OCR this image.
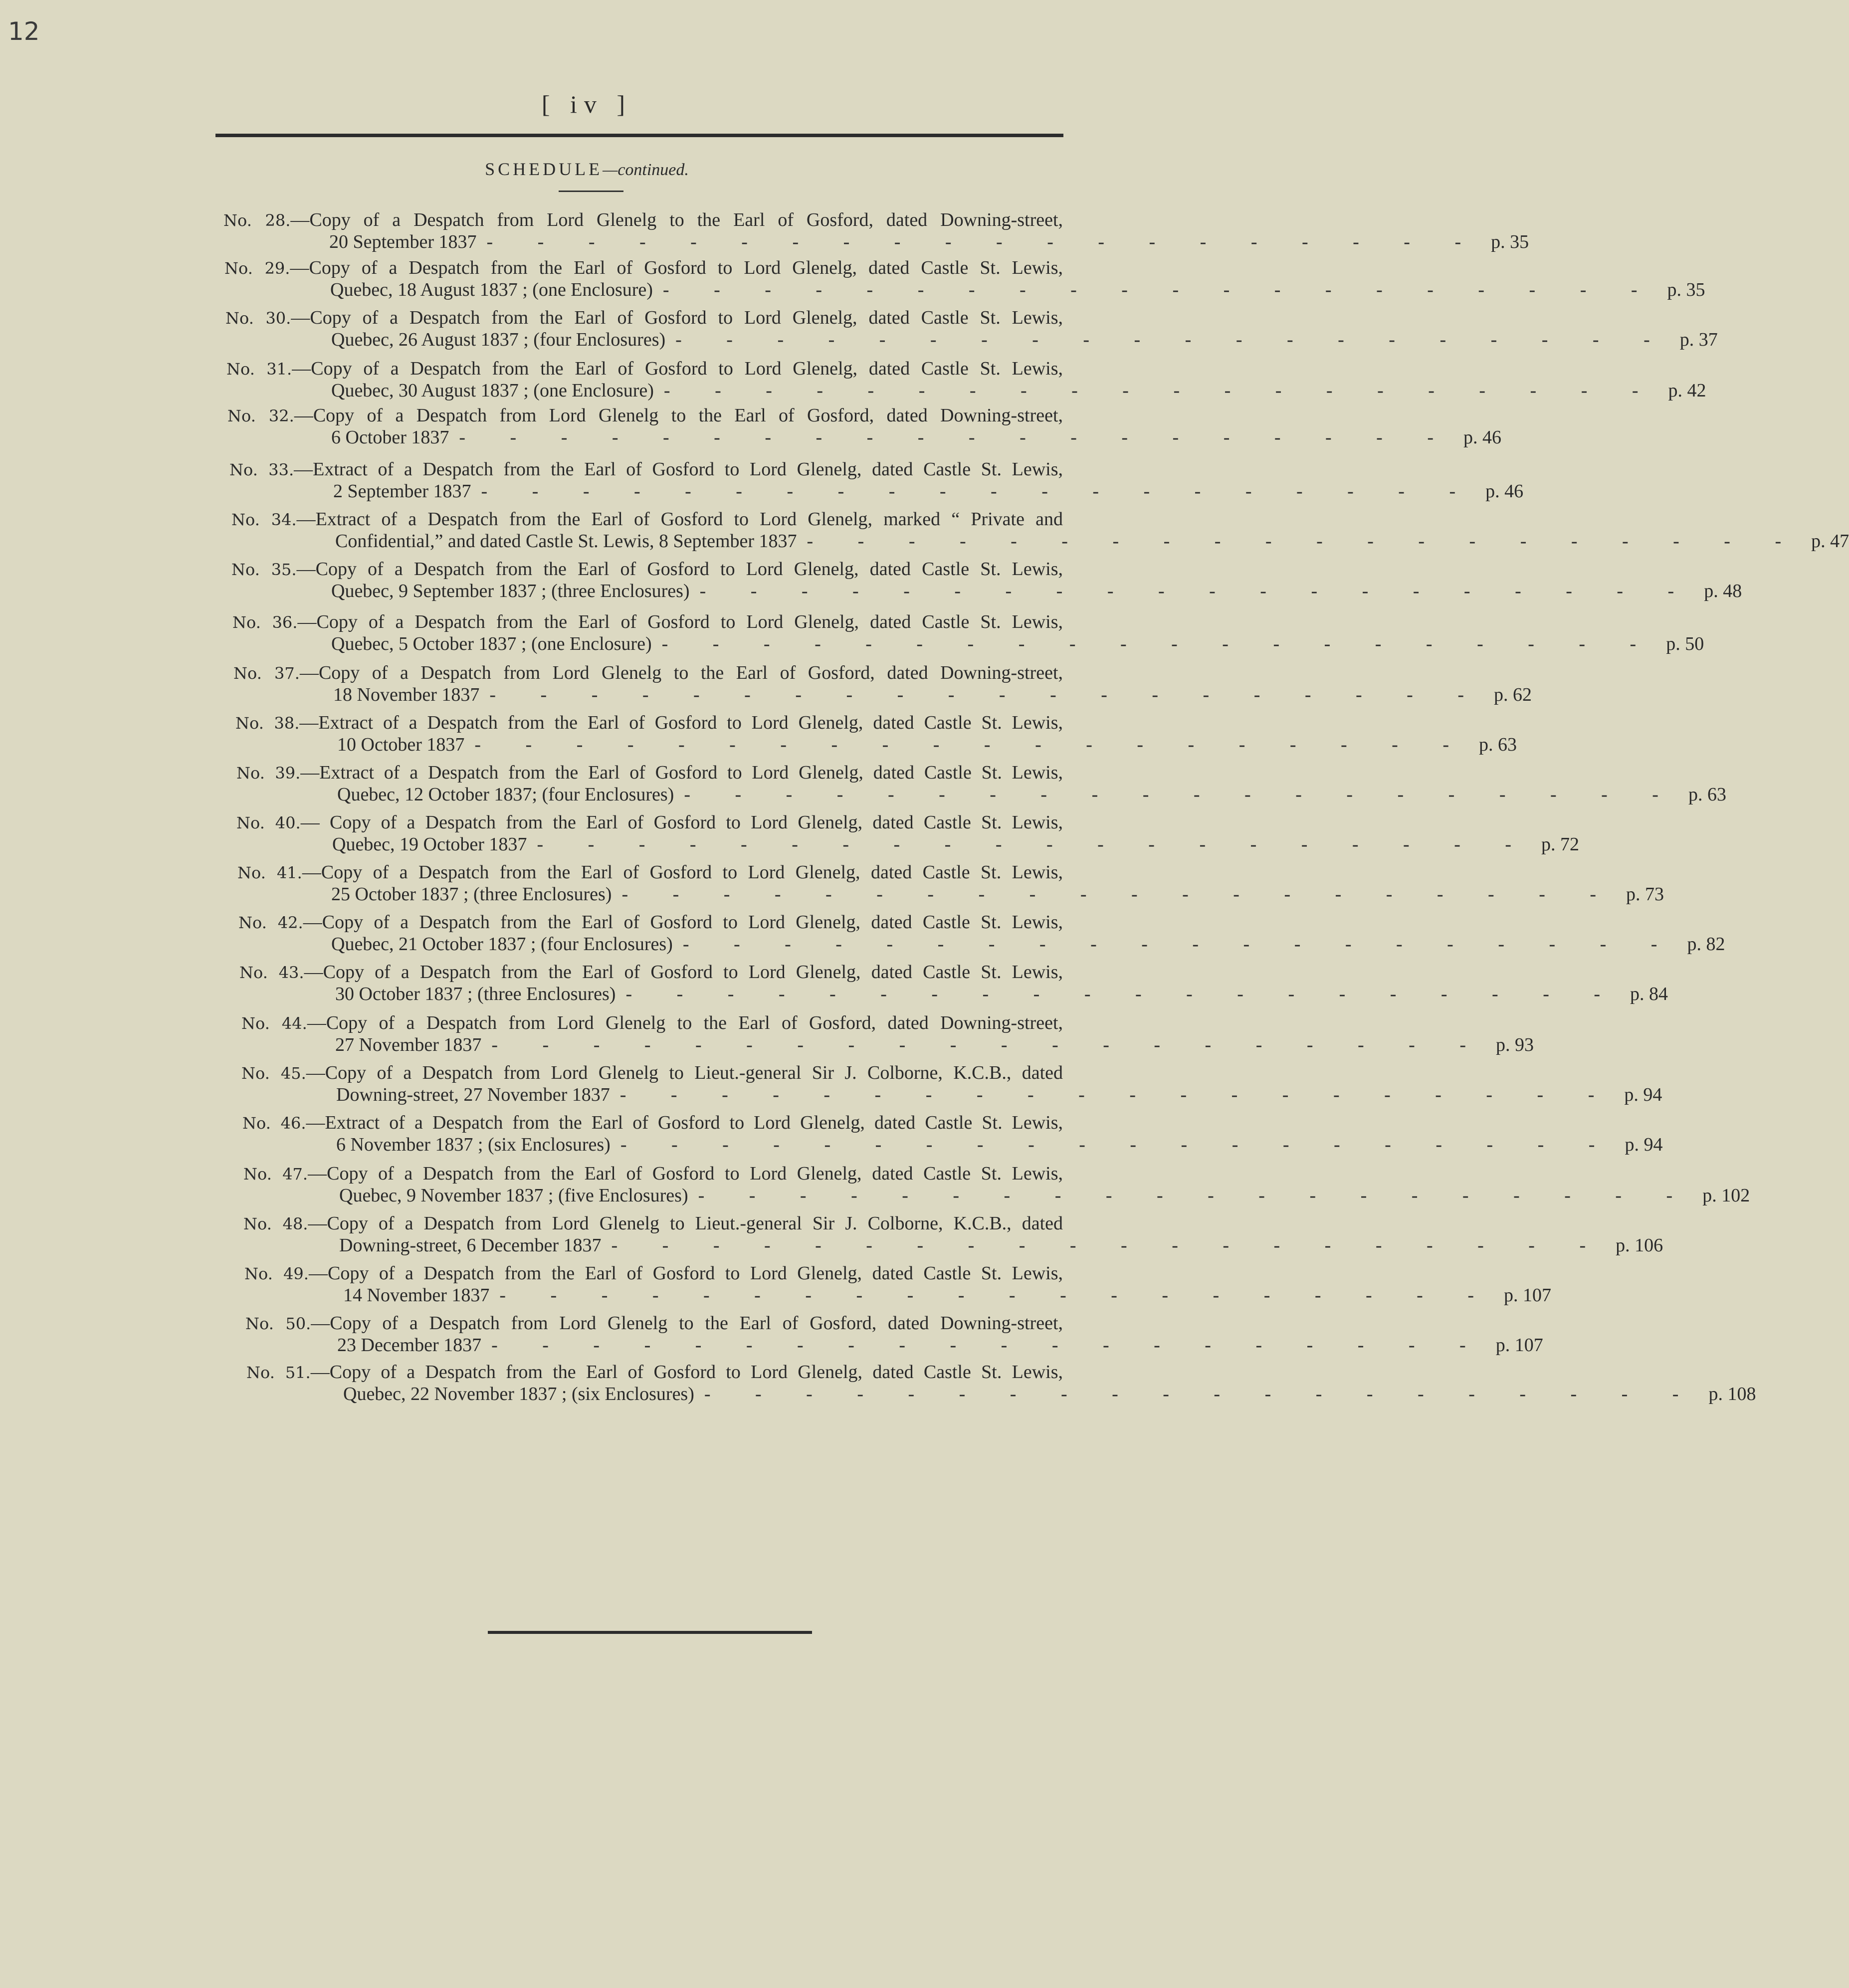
12
[ iv ]
SCHEDULE—continued.
No. 28.—Copy of a Despatch from Lord Glenelg to the Earl of Gosford, dated Downing-street,
20 September 1837 - - - - - - - - - - - - - - - - - - - - p. 35
No. 29.—Copy of a Despatch from the Earl of Gosford to Lord Glenelg, dated Castle St. Lewis,
Quebec, 18 August 1837 ; (one Enclosure) - - - - - - - - - - - - - - - - - - - - p. 35
No. 30.—Copy of a Despatch from the Earl of Gosford to Lord Glenelg, dated Castle St. Lewis,
Quebec, 26 August 1837 ; (four Enclosures) - - - - - - - - - - - - - - - - - - - - p. 37
No. 31.—Copy of a Despatch from the Earl of Gosford to Lord Glenelg, dated Castle St. Lewis,
Quebec, 30 August 1837 ; (one Enclosure) - - - - - - - - - - - - - - - - - - - - p. 42
No. 32.—Copy of a Despatch from Lord Glenelg to the Earl of Gosford, dated Downing-street,
6 October 1837 - - - - - - - - - - - - - - - - - - - - p. 46
No. 33.—Extract of a Despatch from the Earl of Gosford to Lord Glenelg, dated Castle St. Lewis,
2 September 1837 - - - - - - - - - - - - - - - - - - - - p. 46
No. 34.—Extract of a Despatch from the Earl of Gosford to Lord Glenelg, marked “ Private and
Confidential,” and dated Castle St. Lewis, 8 September 1837 - - - - - - - - - - - - - - - - - - - - p. 47
No. 35.—Copy of a Despatch from the Earl of Gosford to Lord Glenelg, dated Castle St. Lewis,
Quebec, 9 September 1837 ; (three Enclosures) - - - - - - - - - - - - - - - - - - - - p. 48
No. 36.—Copy of a Despatch from the Earl of Gosford to Lord Glenelg, dated Castle St. Lewis,
Quebec, 5 October 1837 ; (one Enclosure) - - - - - - - - - - - - - - - - - - - - p. 50
No. 37.—Copy of a Despatch from Lord Glenelg to the Earl of Gosford, dated Downing-street,
18 November 1837 - - - - - - - - - - - - - - - - - - - - p. 62
No. 38.—Extract of a Despatch from the Earl of Gosford to Lord Glenelg, dated Castle St. Lewis,
10 October 1837 - - - - - - - - - - - - - - - - - - - - p. 63
No. 39.—Extract of a Despatch from the Earl of Gosford to Lord Glenelg, dated Castle St. Lewis,
Quebec, 12 October 1837; (four Enclosures) - - - - - - - - - - - - - - - - - - - - p. 63
No. 40.— Copy of a Despatch from the Earl of Gosford to Lord Glenelg, dated Castle St. Lewis,
Quebec, 19 October 1837 - - - - - - - - - - - - - - - - - - - - p. 72
No. 41.—Copy of a Despatch from the Earl of Gosford to Lord Glenelg, dated Castle St. Lewis,
25 October 1837 ; (three Enclosures) - - - - - - - - - - - - - - - - - - - - p. 73
No. 42.—Copy of a Despatch from the Earl of Gosford to Lord Glenelg, dated Castle St. Lewis,
Quebec, 21 October 1837 ; (four Enclosures) - - - - - - - - - - - - - - - - - - - - p. 82
No. 43.—Copy of a Despatch from the Earl of Gosford to Lord Glenelg, dated Castle St. Lewis,
30 October 1837 ; (three Enclosures) - - - - - - - - - - - - - - - - - - - - p. 84
No. 44.—Copy of a Despatch from Lord Glenelg to the Earl of Gosford, dated Downing-street,
27 November 1837 - - - - - - - - - - - - - - - - - - - - p. 93
No. 45.—Copy of a Despatch from Lord Glenelg to Lieut.-general Sir J. Colborne, K.C.B., dated
Downing-street, 27 November 1837 - - - - - - - - - - - - - - - - - - - - p. 94
No. 46.—Extract of a Despatch from the Earl of Gosford to Lord Glenelg, dated Castle St. Lewis,
6 November 1837 ; (six Enclosures) - - - - - - - - - - - - - - - - - - - - p. 94
No. 47.—Copy of a Despatch from the Earl of Gosford to Lord Glenelg, dated Castle St. Lewis,
Quebec, 9 November 1837 ; (five Enclosures) - - - - - - - - - - - - - - - - - - - - p. 102
No. 48.—Copy of a Despatch from Lord Glenelg to Lieut.-general Sir J. Colborne, K.C.B., dated
Downing-street, 6 December 1837 - - - - - - - - - - - - - - - - - - - - p. 106
No. 49.—Copy of a Despatch from the Earl of Gosford to Lord Glenelg, dated Castle St. Lewis,
14 November 1837 - - - - - - - - - - - - - - - - - - - - p. 107
No. 50.—Copy of a Despatch from Lord Glenelg to the Earl of Gosford, dated Downing-street,
23 December 1837 - - - - - - - - - - - - - - - - - - - - p. 107
No. 51.—Copy of a Despatch from the Earl of Gosford to Lord Glenelg, dated Castle St. Lewis,
Quebec, 22 November 1837 ; (six Enclosures) - - - - - - - - - - - - - - - - - - - - p. 108
